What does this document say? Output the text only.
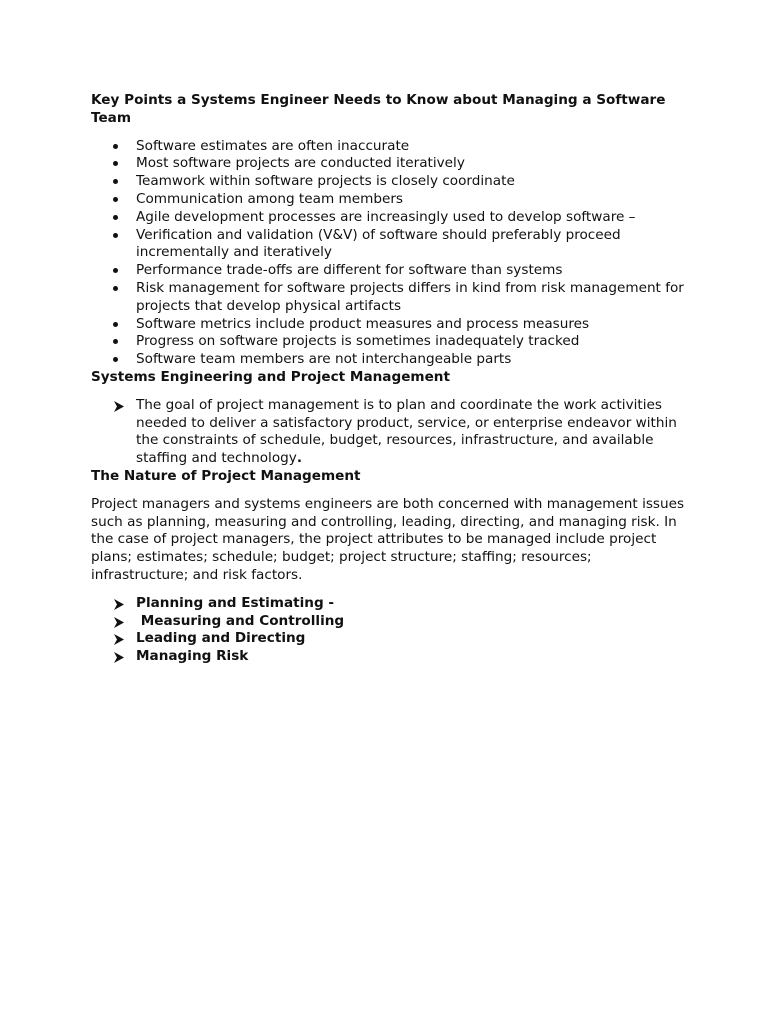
Key Points a Systems Engineer Needs to Know about Managing a Software Team

Software estimates are often inaccurate
Most software projects are conducted iteratively
Teamwork within software projects is closely coordinate
Communication among team members
Agile development processes are increasingly used to develop software –
Verification and validation (V&V) of software should preferably proceed incrementally and iteratively
Performance trade-offs are different for software than systems
Risk management for software projects differs in kind from risk management for projects that develop physical artifacts
Software metrics include product measures and process measures
Progress on software projects is sometimes inadequately tracked
Software team members are not interchangeable parts

Systems Engineering and Project Management

The goal of project management is to plan and coordinate the work activities needed to deliver a satisfactory product, service, or enterprise endeavor within the constraints of schedule, budget, resources, infrastructure, and available staffing and technology.

The Nature of Project Management

Project managers and systems engineers are both concerned with management issues such as planning, measuring and controlling, leading, directing, and managing risk. In the case of project managers, the project attributes to be managed include project plans; estimates; schedule; budget; project structure; staffing; resources; infrastructure; and risk factors.

Planning and Estimating -
Measuring and Controlling
Leading and Directing
Managing Risk
